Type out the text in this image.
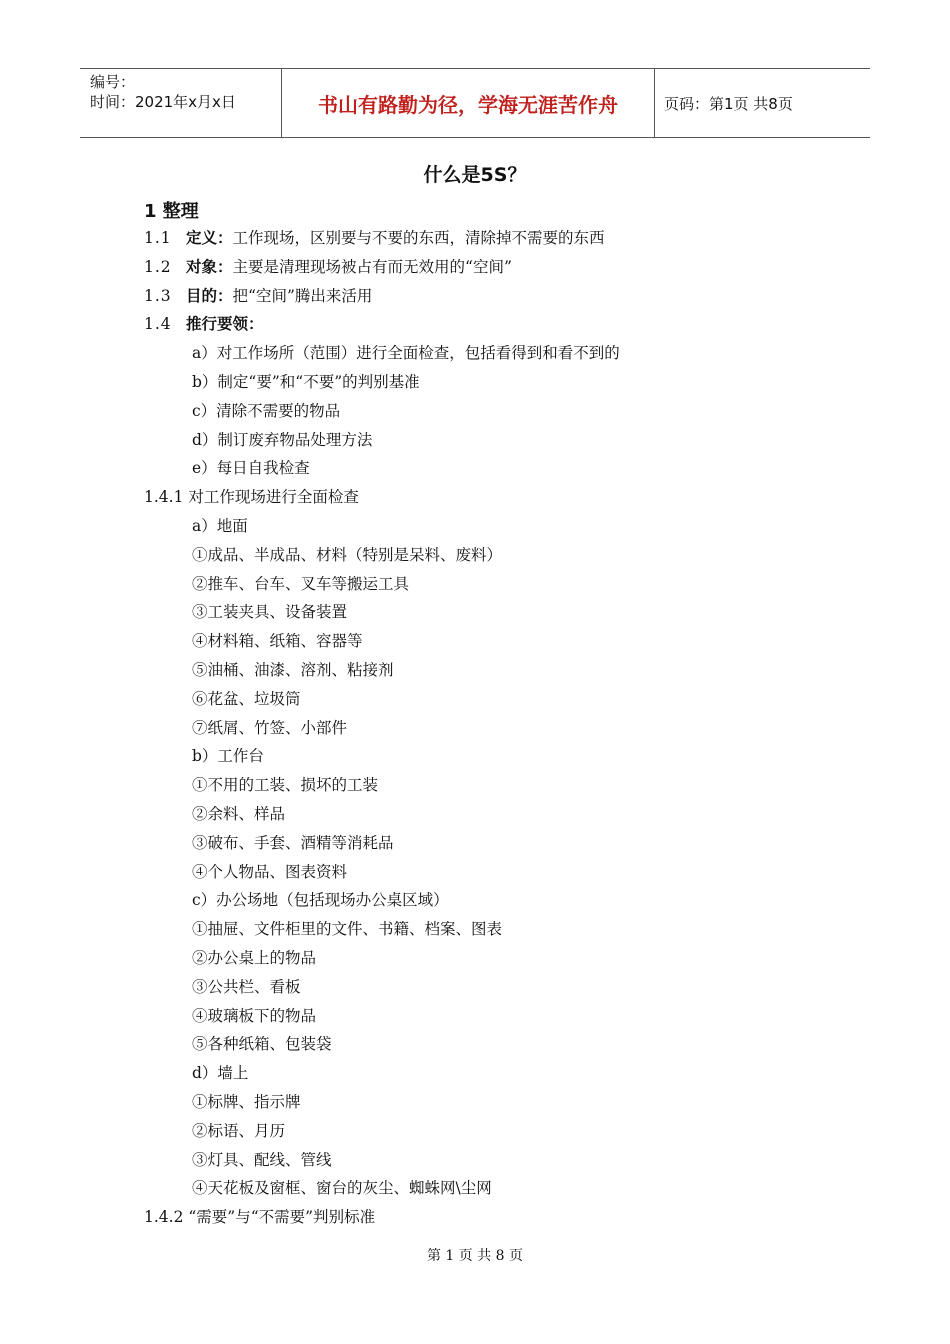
编号：
时间：2021年x月x日	书山有路勤为径，学海无涯苦作舟	页码：第1页 共8页
什么是5S？
1 整理
1.1 定义：工作现场，区别要与不要的东西，清除掉不需要的东西
1.2 对象：主要是清理现场被占有而无效用的“空间”
1.3 目的：把“空间”腾出来活用
1.4 推行要领：
a）对工作场所（范围）进行全面检查，包括看得到和看不到的
b）制定“要”和“不要”的判别基准
c）清除不需要的物品
d）制订废弃物品处理方法
e）每日自我检查
1.4.1 对工作现场进行全面检查
a）地面
①成品、半成品、材料（特别是呆料、废料）
②推车、台车、叉车等搬运工具
③工装夹具、设备装置
④材料箱、纸箱、容器等
⑤油桶、油漆、溶剂、粘接剂
⑥花盆、垃圾筒
⑦纸屑、竹签、小部件
b）工作台
①不用的工装、损坏的工装
②余料、样品
③破布、手套、酒精等消耗品
④个人物品、图表资料
c）办公场地（包括现场办公桌区域）
①抽屉、文件柜里的文件、书籍、档案、图表
②办公桌上的物品
③公共栏、看板
④玻璃板下的物品
⑤各种纸箱、包装袋
d）墙上
①标牌、指示牌
②标语、月历
③灯具、配线、管线
④天花板及窗框、窗台的灰尘、蜘蛛网\尘网
1.4.2 “需要”与“不需要”判别标准
第 1 页 共 8 页
